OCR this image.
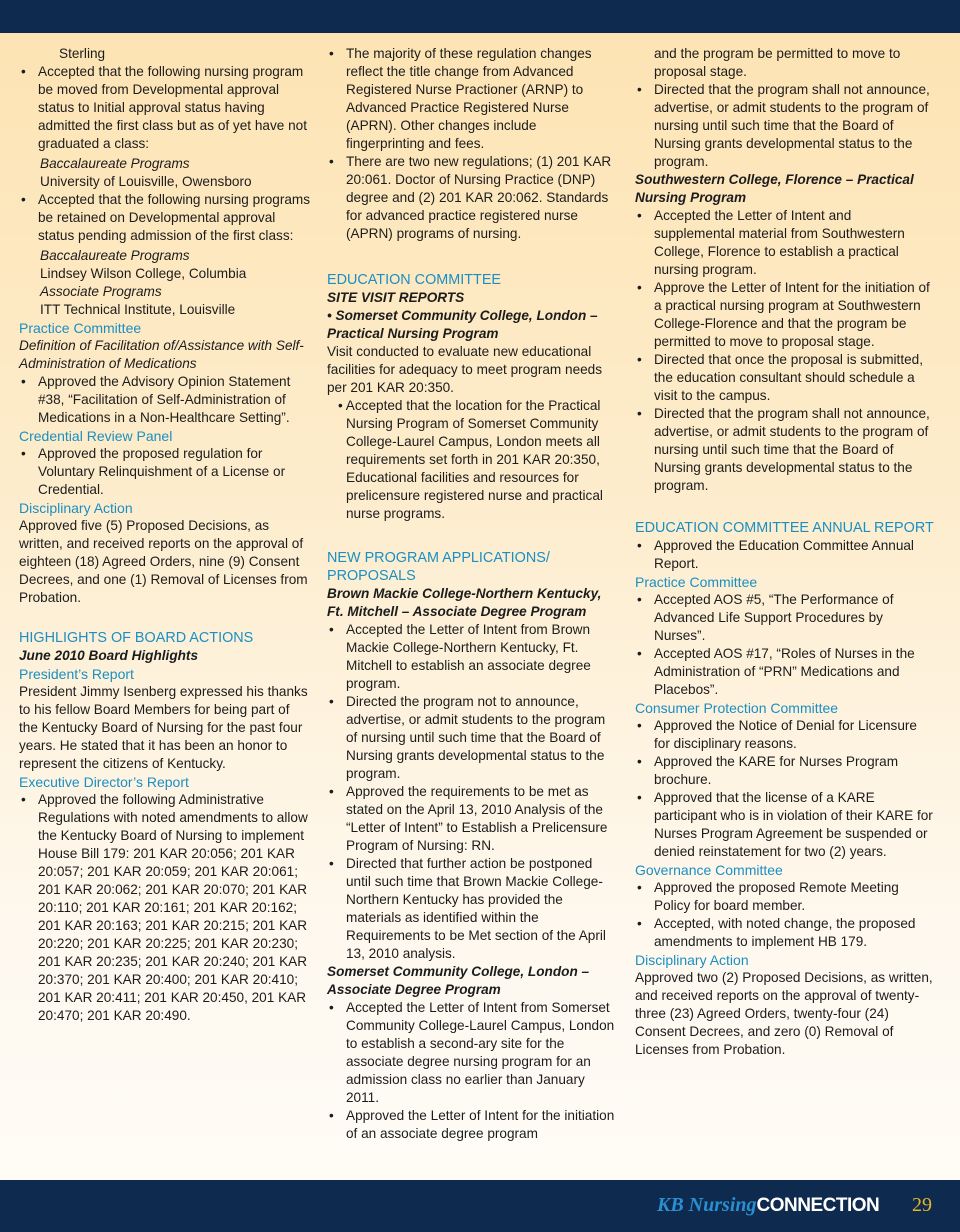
Sterling

• Accepted that the following nursing program be moved from Developmental approval status to Initial approval status having admitted the first class but as of yet have not graduated a class:

Baccalaureate Programs

University of Louisville, Owensboro

• Accepted that the following nursing programs be retained on Developmental approval status pending admission of the first class:

Baccalaureate Programs

Lindsey Wilson College, Columbia

Associate Programs

ITT Technical Institute, Louisville

Practice Committee

Definition of Facilitation of/Assistance with Self-Administration of Medications

• Approved the Advisory Opinion Statement #38, “Facilitation of Self-Administration of Medications in a Non-Healthcare Setting”.

Credential Review Panel

• Approved the proposed regulation for Voluntary Relinquishment of a License or Credential.

Disciplinary Action

Approved five (5) Proposed Decisions, as written, and received reports on the approval of eighteen (18) Agreed Orders, nine (9) Consent Decrees, and one (1) Removal of Licenses from Probation.

HIGHLIGHTS OF BOARD ACTIONS

June 2010 Board Highlights

President’s Report

President Jimmy Isenberg expressed his thanks to his fellow Board Members for being part of the Kentucky Board of Nursing for the past four years. He stated that it has been an honor to represent the citizens of Kentucky.

Executive Director’s Report

• Approved the following Administrative Regulations with noted amendments to allow the Kentucky Board of Nursing to implement House Bill 179: 201 KAR 20:056; 201 KAR 20:057; 201 KAR 20:059; 201 KAR 20:061; 201 KAR 20:062; 201 KAR 20:070; 201 KAR 20:110; 201 KAR 20:161; 201 KAR 20:162; 201 KAR 20:163; 201 KAR 20:215; 201 KAR 20:220; 201 KAR 20:225; 201 KAR 20:230; 201 KAR 20:235; 201 KAR 20:240; 201 KAR 20:370; 201 KAR 20:400; 201 KAR 20:410; 201 KAR 20:411; 201 KAR 20:450, 201 KAR 20:470; 201 KAR 20:490.
• The majority of these regulation changes reflect the title change from Advanced Registered Nurse Practioner (ARNP) to Advanced Practice Registered Nurse (APRN). Other changes include fingerprinting and fees.
• There are two new regulations; (1) 201 KAR 20:061. Doctor of Nursing Practice (DNP) degree and (2) 201 KAR 20:062. Standards for advanced practice registered nurse (APRN) programs of nursing.

EDUCATION COMMITTEE

SITE VISIT REPORTS

• Somerset Community College, London – Practical Nursing Program

Visit conducted to evaluate new educational facilities for adequacy to meet program needs per 201 KAR 20:350.

• Accepted that the location for the Practical Nursing Program of Somerset Community College-Laurel Campus, London meets all requirements set forth in 201 KAR 20:350, Educational facilities and resources for prelicensure registered nurse and practical nurse programs.

NEW PROGRAM APPLICATIONS/ PROPOSALS

Brown Mackie College-Northern Kentucky, Ft. Mitchell – Associate Degree Program

• Accepted the Letter of Intent from Brown Mackie College-Northern Kentucky, Ft. Mitchell to establish an associate degree program.
• Directed the program not to announce, advertise, or admit students to the program of nursing until such time that the Board of Nursing grants developmental status to the program.
• Approved the requirements to be met as stated on the April 13, 2010 Analysis of the “Letter of Intent” to Establish a Prelicensure Program of Nursing: RN.
• Directed that further action be postponed until such time that Brown Mackie College-Northern Kentucky has provided the materials as identified within the Requirements to be Met section of the April 13, 2010 analysis.

Somerset Community College, London – Associate Degree Program

• Accepted the Letter of Intent from Somerset Community College-Laurel Campus, London to establish a second-ary site for the associate degree nursing program for an admission class no earlier than January 2011.
• Approved the Letter of Intent for the initiation of an associate degree program

and the program be permitted to move to proposal stage.

• Directed that the program shall not announce, advertise, or admit students to the program of nursing until such time that the Board of Nursing grants developmental status to the program.

Southwestern College, Florence – Practical Nursing Program

• Accepted the Letter of Intent and supplemental material from Southwestern College, Florence to establish a practical nursing program.
• Approve the Letter of Intent for the initiation of a practical nursing program at Southwestern College-Florence and that the program be permitted to move to proposal stage.
• Directed that once the proposal is submitted, the education consultant should schedule a visit to the campus.
• Directed that the program shall not announce, advertise, or admit students to the program of nursing until such time that the Board of Nursing grants developmental status to the program.

EDUCATION COMMITTEE ANNUAL REPORT

• Approved the Education Committee Annual Report.

Practice Committee

• Accepted AOS #5, “The Performance of Advanced Life Support Procedures by Nurses”.
• Accepted AOS #17, “Roles of Nurses in the Administration of “PRN” Medications and Placebos”.

Consumer Protection Committee

• Approved the Notice of Denial for Licensure for disciplinary reasons.
• Approved the KARE for Nurses Program brochure.
• Approved that the license of a KARE participant who is in violation of their KARE for Nurses Program Agreement be suspended or denied reinstatement for two (2) years.

Governance Committee

• Approved the proposed Remote Meeting Policy for board member.
• Accepted, with noted change, the proposed amendments to implement HB 179.

Disciplinary Action

Approved two (2) Proposed Decisions, as written, and received reports on the approval of twenty-three (23) Agreed Orders, twenty-four (24) Consent Decrees, and zero (0) Removal of Licenses from Probation.

KB NursingCONNECTION 29
